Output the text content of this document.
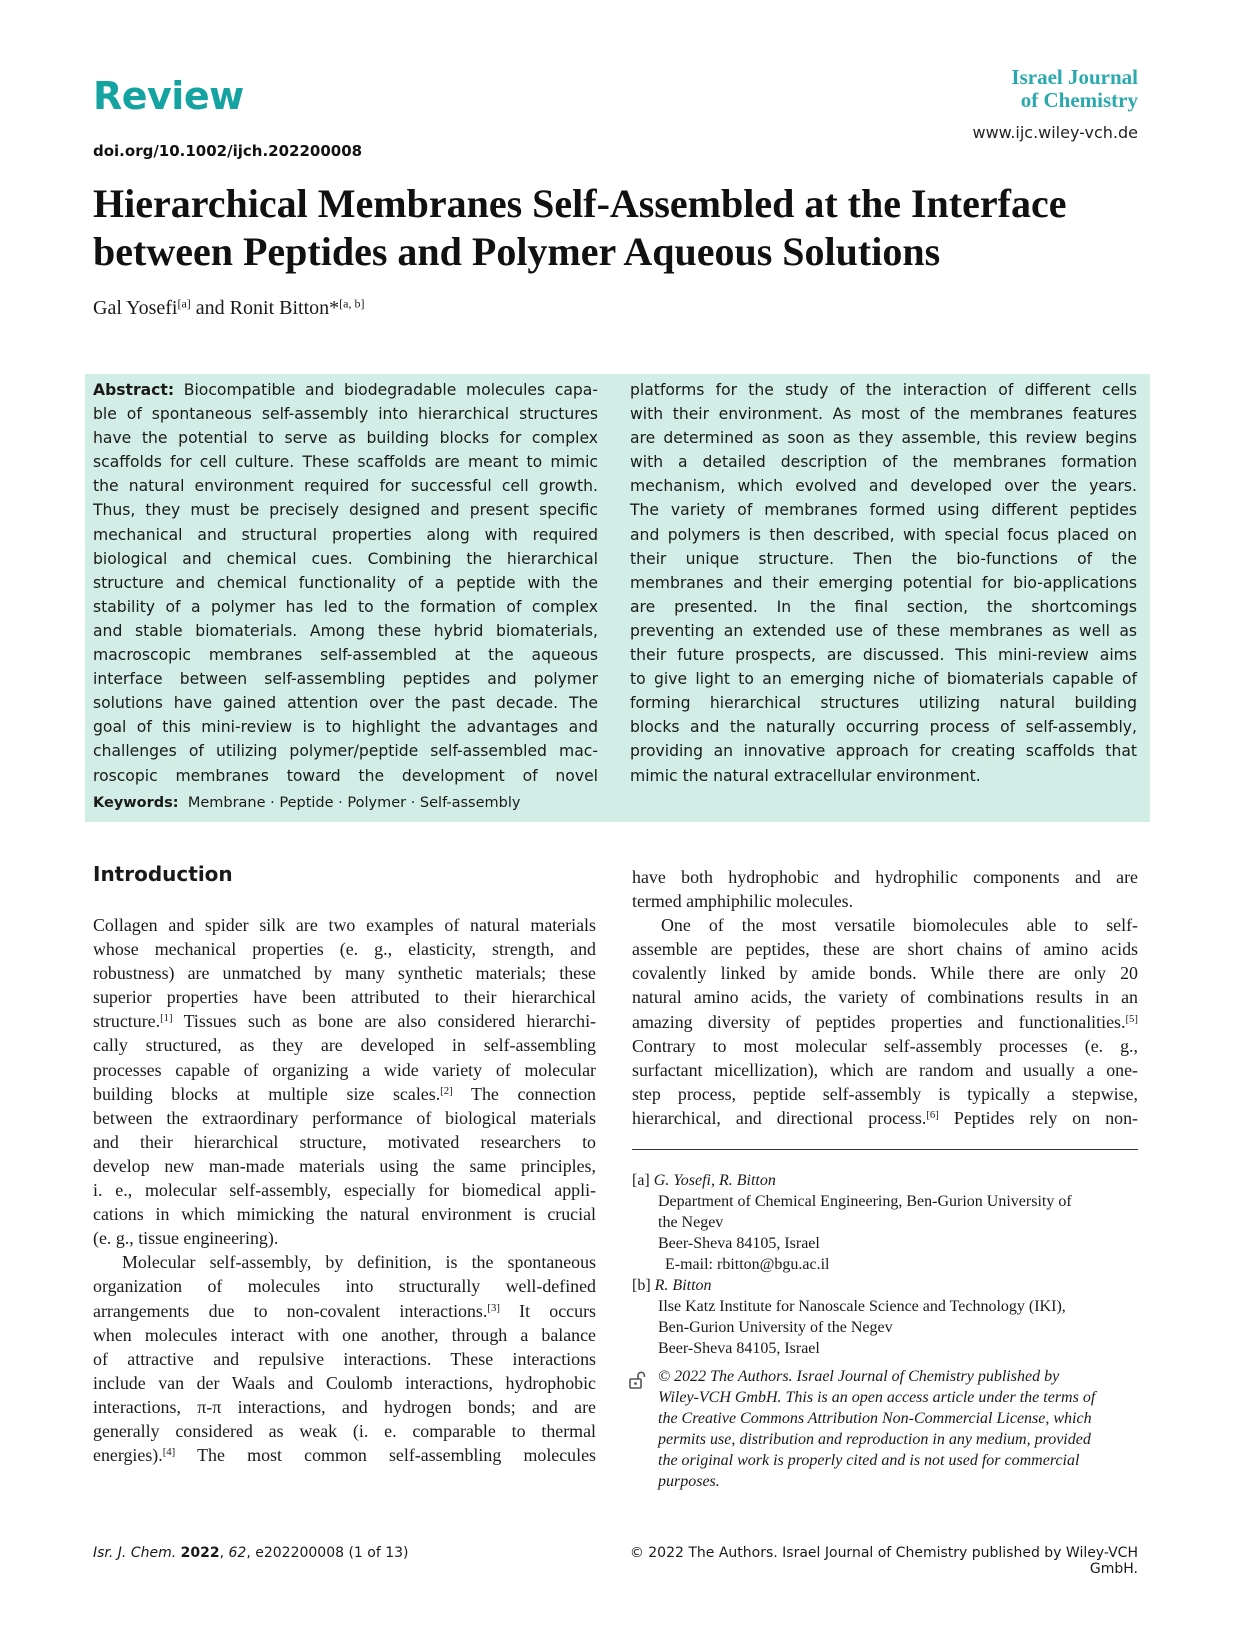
Review
doi.org/10.1002/ijch.202200008
Israel Journal
of Chemistry
www.ijc.wiley-vch.de
Hierarchical Membranes Self-Assembled at the Interface
between Peptides and Polymer Aqueous Solutions
Gal Yosefi[a] and Ronit Bitton*[a, b]
Abstract: Biocompatible and biodegradable molecules capa-
ble of spontaneous self-assembly into hierarchical structures
have the potential to serve as building blocks for complex
scaffolds for cell culture. These scaffolds are meant to mimic
the natural environment required for successful cell growth.
Thus, they must be precisely designed and present specific
mechanical and structural properties along with required
biological and chemical cues. Combining the hierarchical
structure and chemical functionality of a peptide with the
stability of a polymer has led to the formation of complex
and stable biomaterials. Among these hybrid biomaterials,
macroscopic membranes self-assembled at the aqueous
interface between self-assembling peptides and polymer
solutions have gained attention over the past decade. The
goal of this mini-review is to highlight the advantages and
challenges of utilizing polymer/peptide self-assembled mac-
roscopic membranes toward the development of novel
platforms for the study of the interaction of different cells
with their environment. As most of the membranes features
are determined as soon as they assemble, this review begins
with a detailed description of the membranes formation
mechanism, which evolved and developed over the years.
The variety of membranes formed using different peptides
and polymers is then described, with special focus placed on
their unique structure. Then the bio-functions of the
membranes and their emerging potential for bio-applications
are presented. In the final section, the shortcomings
preventing an extended use of these membranes as well as
their future prospects, are discussed. This mini-review aims
to give light to an emerging niche of biomaterials capable of
forming hierarchical structures utilizing natural building
blocks and the naturally occurring process of self-assembly,
providing an innovative approach for creating scaffolds that
mimic the natural extracellular environment.
Keywords: Membrane · Peptide · Polymer · Self-assembly
Introduction
Collagen and spider silk are two examples of natural materials
whose mechanical properties (e. g., elasticity, strength, and
robustness) are unmatched by many synthetic materials; these
superior properties have been attributed to their hierarchical
structure.[1] Tissues such as bone are also considered hierarchi-
cally structured, as they are developed in self-assembling
processes capable of organizing a wide variety of molecular
building blocks at multiple size scales.[2] The connection
between the extraordinary performance of biological materials
and their hierarchical structure, motivated researchers to
develop new man-made materials using the same principles,
i. e., molecular self-assembly, especially for biomedical appli-
cations in which mimicking the natural environment is crucial
(e. g., tissue engineering).
Molecular self-assembly, by definition, is the spontaneous
organization of molecules into structurally well-defined
arrangements due to non-covalent interactions.[3] It occurs
when molecules interact with one another, through a balance
of attractive and repulsive interactions. These interactions
include van der Waals and Coulomb interactions, hydrophobic
interactions, π-π interactions, and hydrogen bonds; and are
generally considered as weak (i. e. comparable to thermal
energies).[4] The most common self-assembling molecules
have both hydrophobic and hydrophilic components and are
termed amphiphilic molecules.
One of the most versatile biomolecules able to self-
assemble are peptides, these are short chains of amino acids
covalently linked by amide bonds. While there are only 20
natural amino acids, the variety of combinations results in an
amazing diversity of peptides properties and functionalities.[5]
Contrary to most molecular self-assembly processes (e. g.,
surfactant micellization), which are random and usually a one-
step process, peptide self-assembly is typically a stepwise,
hierarchical, and directional process.[6] Peptides rely on non-
[a] G. Yosefi, R. Bitton
Department of Chemical Engineering, Ben-Gurion University of
the Negev
Beer-Sheva 84105, Israel
E-mail: rbitton@bgu.ac.il
[b] R. Bitton
Ilse Katz Institute for Nanoscale Science and Technology (IKI),
Ben-Gurion University of the Negev
Beer-Sheva 84105, Israel
© 2022 The Authors. Israel Journal of Chemistry published by
Wiley-VCH GmbH. This is an open access article under the terms of
the Creative Commons Attribution Non-Commercial License, which
permits use, distribution and reproduction in any medium, provided
the original work is properly cited and is not used for commercial
purposes.
Isr. J. Chem. 2022, 62, e202200008 (1 of 13)	© 2022 The Authors. Israel Journal of Chemistry published by Wiley-VCH GmbH.
